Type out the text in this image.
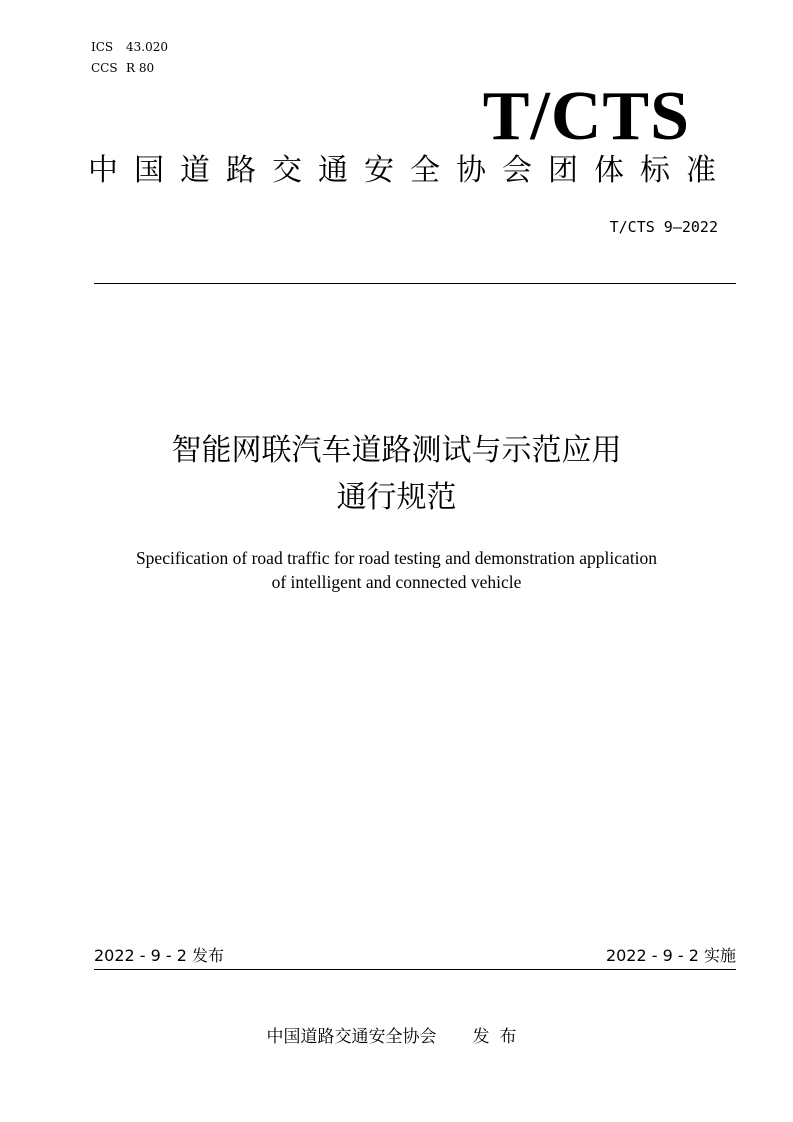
ICS 43.020
CCS R 80
T/CTS
中国道路交通安全协会团体标准
T/CTS 9—2022
智能网联汽车道路测试与示范应用
通行规范
Specification of road traffic for road testing and demonstration application
of intelligent and connected vehicle
2022 - 9 - 2 发布	2022 - 9 - 2 实施
中国道路交通安全协会 发布
